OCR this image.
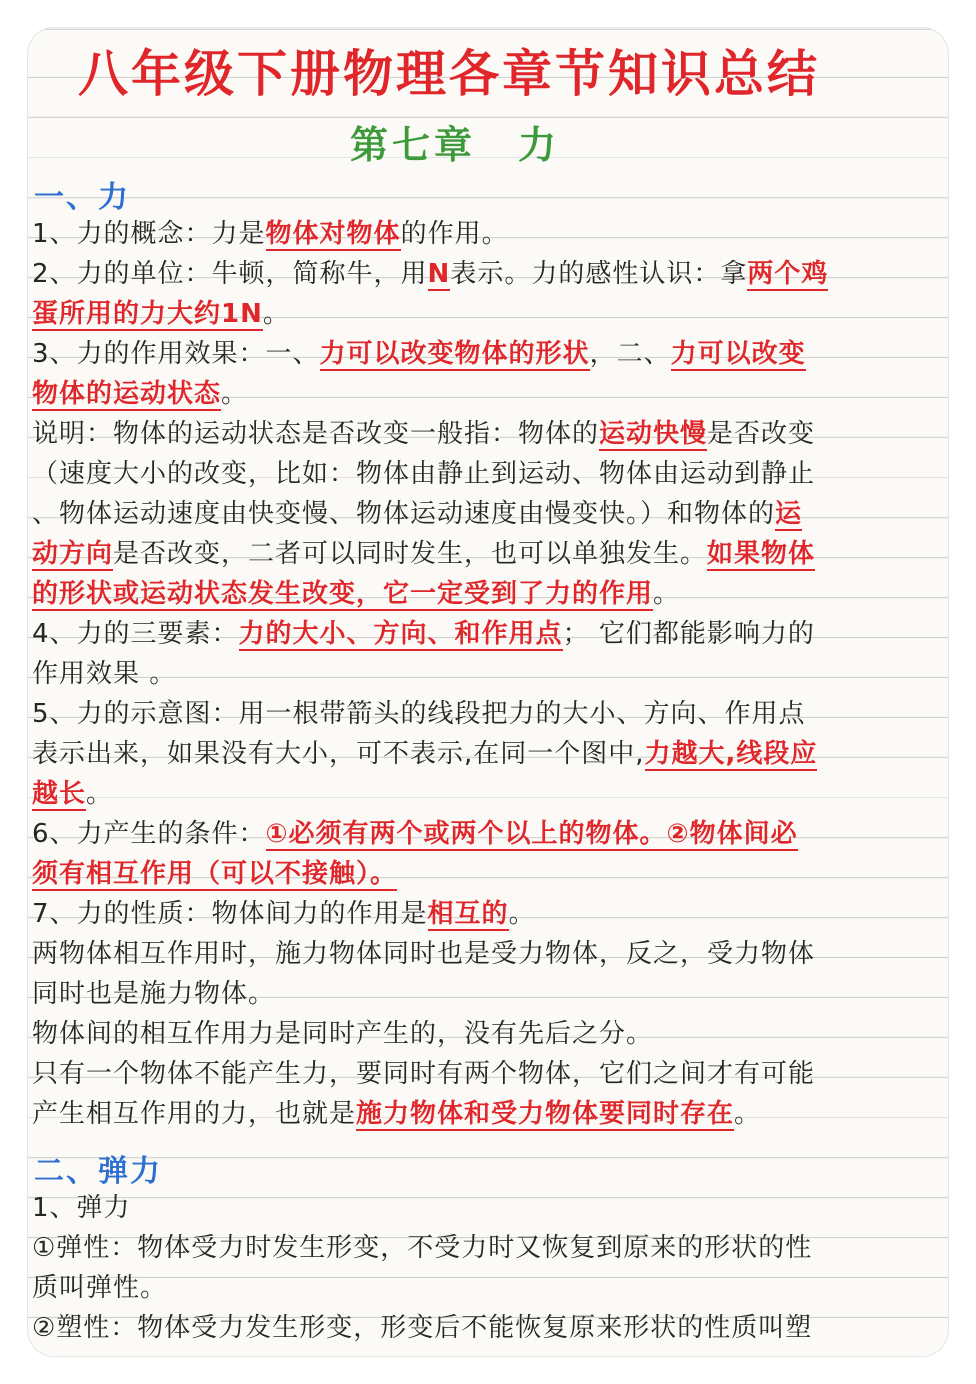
八年级下册物理各章节知识总结
第七章　力
一、力
二、弹力
1、力的概念：力是物体对物体的作用。
2、力的单位：牛顿，简称牛，用N表示。力的感性认识：拿两个鸡
蛋所用的力大约1N。
3、力的作用效果：一、力可以改变物体的形状，二、力可以改变
物体的运动状态。
说明：物体的运动状态是否改变一般指：物体的运动快慢是否改变
（速度大小的改变，比如：物体由静止到运动、物体由运动到静止
、物体运动速度由快变慢、物体运动速度由慢变快。）和物体的运
动方向是否改变，二者可以同时发生，也可以单独发生。如果物体
的形状或运动状态发生改变，它一定受到了力的作用。
4、力的三要素：力的大小、方向、和作用点； 它们都能影响力的
作用效果 。
5、力的示意图：用一根带箭头的线段把力的大小、方向、作用点
表示出来，如果没有大小，可不表示,在同一个图中,力越大,线段应
越长。
6、力产生的条件：①必须有两个或两个以上的物体。②物体间必
须有相互作用（可以不接触）。
7、力的性质：物体间力的作用是相互的。
两物体相互作用时，施力物体同时也是受力物体，反之，受力物体
同时也是施力物体。
物体间的相互作用力是同时产生的，没有先后之分。
只有一个物体不能产生力，要同时有两个物体，它们之间才有可能
产生相互作用的力，也就是施力物体和受力物体要同时存在。
1、弹力
①弹性：物体受力时发生形变，不受力时又恢复到原来的形状的性
质叫弹性。
②塑性：物体受力发生形变，形变后不能恢复原来形状的性质叫塑
